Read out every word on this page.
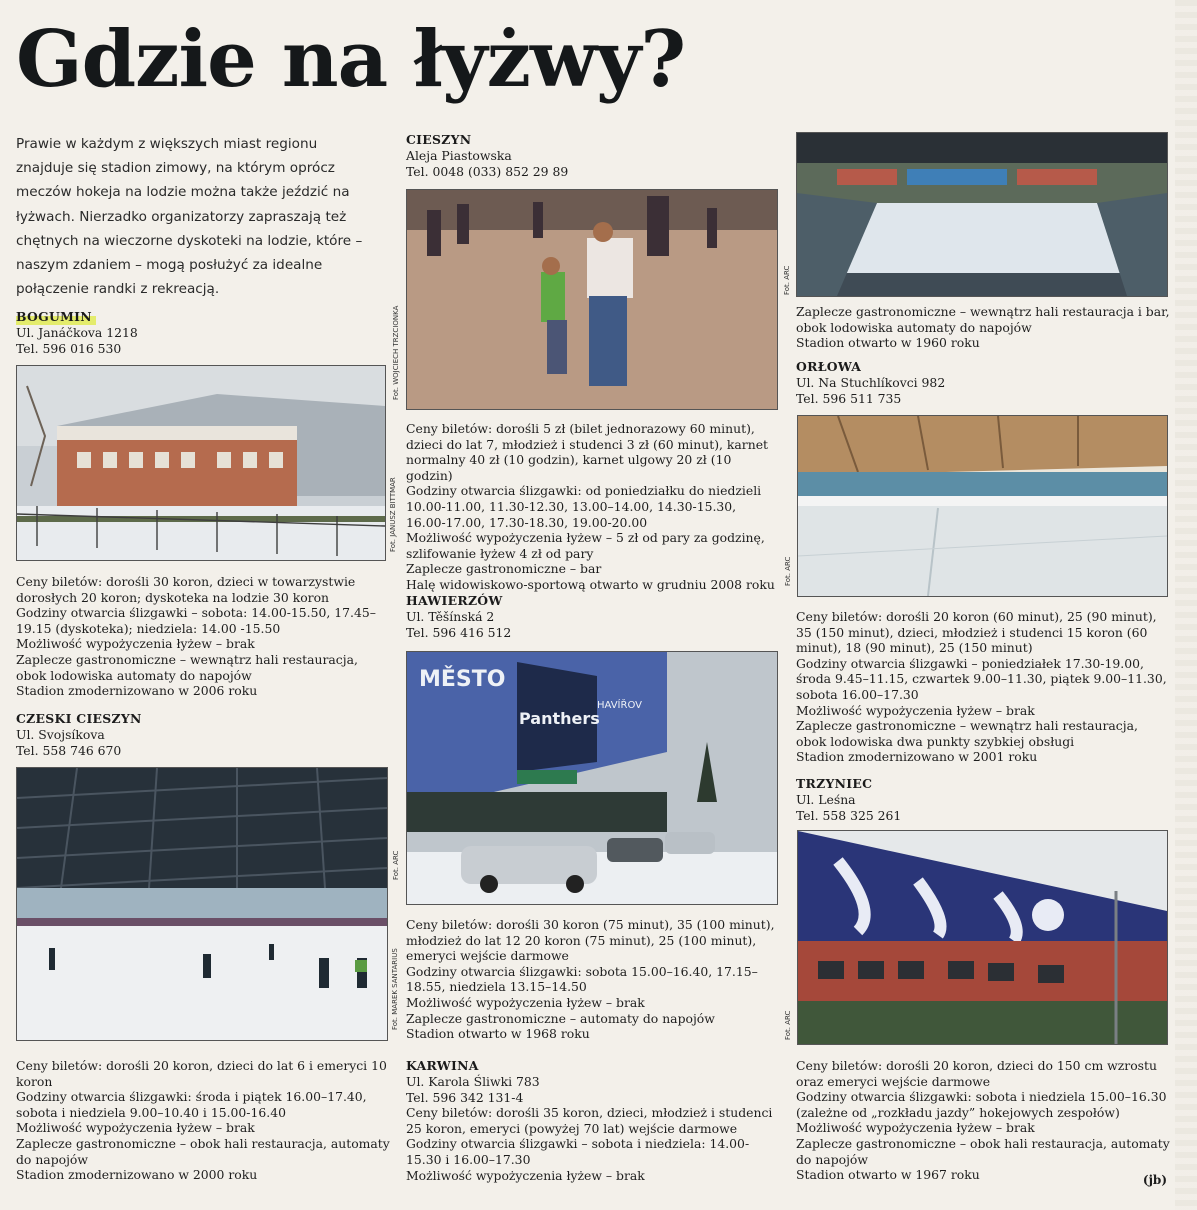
Gdzie na łyżwy?
Prawie w każdym z większych miast regionu znajduje się stadion zimowy, na którym oprócz meczów hokeja na lodzie można także jeździć na łyżwach. Nierzadko organizatorzy zapraszają też chętnych na wieczorne dyskoteki na lodzie, które – naszym zdaniem – mogą posłużyć za idealne połączenie randki z rekreacją.
BOGUMIN
Ul. Janáčkova 1218
Tel. 596 016 530
Fot. JANUSZ BITTMAR

Ceny biletów: dorośli 30 koron, dzieci w towarzystwie dorosłych 20 koron; dyskoteka na lodzie 30 koron

Godziny otwarcia ślizgawki – sobota: 14.00-15.50, 17.45–19.15 (dyskoteka); niedziela: 14.00 -15.50

Możliwość wypożyczenia łyżew – brak

Zaplecze gastronomiczne – wewnątrz hali restauracja, obok lodowiska automaty do napojów

Stadion zmodernizowano w 2006 roku

CZESKI CIESZYN
Ul. Svojsíkova
Tel. 558 746 670
Fot. MAREK SANTARIUS

Ceny biletów: dorośli 20 koron, dzieci do lat 6 i emeryci 10 koron

Godziny otwarcia ślizgawki: środa i piątek 16.00–17.40, sobota i niedziela 9.00–10.40 i 15.00-16.40

Możliwość wypożyczenia łyżew – brak

Zaplecze gastronomiczne – obok hali restauracja, automaty do napojów

Stadion zmodernizowano w 2000 roku

CIESZYN
Aleja Piastowska
Tel. 0048 (033) 852 29 89
Fot. WOJCIECH TRZCIONKA

Ceny biletów: dorośli 5 zł (bilet jednorazowy 60 minut), dzieci do lat 7, młodzież i studenci 3 zł (60 minut), karnet normalny 40 zł (10 godzin), karnet ulgowy 20 zł (10 godzin)

Godziny otwarcia ślizgawki: od poniedziałku do niedzieli 10.00-11.00, 11.30-12.30, 13.00–14.00, 14.30-15.30, 16.00-17.00, 17.30-18.30, 19.00-20.00

Możliwość wypożyczenia łyżew – 5 zł od pary za godzinę, szlifowanie łyżew 4 zł od pary

Zaplecze gastronomiczne – bar

Halę widowiskowo-sportową otwarto w grudniu 2008 roku

HAWIERZÓW
Ul. Těšínská 2
Tel. 596 416 512
MĚSTO
Panthers
HAVÍŘOV
Fot. ARC

Ceny biletów: dorośli 30 koron (75 minut), 35 (100 minut), młodzież do lat 12 20 koron (75 minut), 25 (100 minut), emeryci wejście darmowe

Godziny otwarcia ślizgawki: sobota 15.00–16.40, 17.15–18.55, niedziela 13.15–14.50

Możliwość wypożyczenia łyżew – brak

Zaplecze gastronomiczne – automaty do napojów

Stadion otwarto w 1968 roku

KARWINA
Ul. Karola Śliwki 783
Tel. 596 342 131-4

Ceny biletów: dorośli 35 koron, dzieci, młodzież i studenci 25 koron, emeryci (powyżej 70 lat) wejście darmowe

Godziny otwarcia ślizgawki – sobota i niedziela: 14.00-15.30 i 16.00–17.30

Możliwość wypożyczenia łyżew – brak

Fot. ARC

Zaplecze gastronomiczne – wewnątrz hali restauracja i bar, obok lodowiska automaty do napojów

Stadion otwarto w 1960 roku

ORŁOWA
Ul. Na Stuchlíkovci 982
Tel. 596 511 735
Fot. ARC

Ceny biletów: dorośli 20 koron (60 minut), 25 (90 minut), 35 (150 minut), dzieci, młodzież i studenci 15 koron (60 minut), 18 (90 minut), 25 (150 minut)

Godziny otwarcia ślizgawki – poniedziałek 17.30-19.00, środa 9.45–11.15, czwartek 9.00–11.30, piątek 9.00–11.30, sobota 16.00–17.30

Możliwość wypożyczenia łyżew – brak

Zaplecze gastronomiczne – wewnątrz hali restauracja, obok lodowiska dwa punkty szybkiej obsługi

Stadion zmodernizowano w 2001 roku

TRZYNIEC
Ul. Leśna
Tel. 558 325 261
Fot. ARC

Ceny biletów: dorośli 20 koron, dzieci do 150 cm wzrostu oraz emeryci wejście darmowe

Godziny otwarcia ślizgawki: sobota i niedziela 15.00–16.30 (zależne od „rozkładu jazdy” hokejowych zespołów)

Możliwość wypożyczenia łyżew – brak

Zaplecze gastronomiczne – obok hali restauracja, automaty do napojów

Stadion otwarto w 1967 roku	(jb)
